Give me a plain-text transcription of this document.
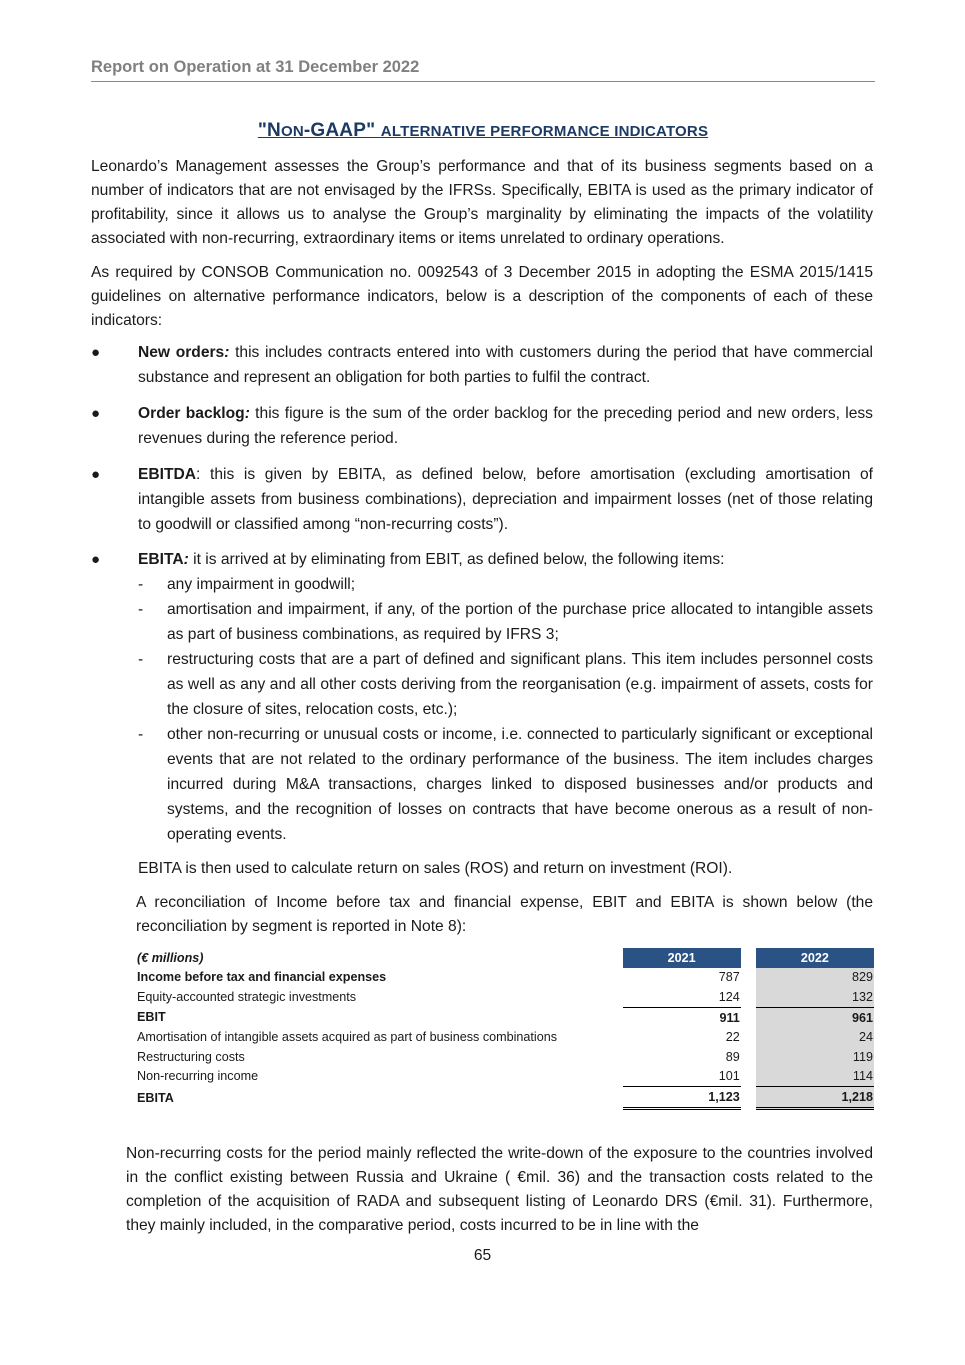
Report on Operation at 31 December 2022
"NON-GAAP" ALTERNATIVE PERFORMANCE INDICATORS

Leonardo’s Management assesses the Group’s performance and that of its business segments based on a number of indicators that are not envisaged by the IFRSs. Specifically, EBITA is used as the primary indicator of profitability, since it allows us to analyse the Group’s marginality by eliminating the impacts of the volatility associated with non-recurring, extraordinary items or items unrelated to ordinary operations.

As required by CONSOB Communication no. 0092543 of 3 December 2015 in adopting the ESMA 2015/1415 guidelines on alternative performance indicators, below is a description of the components of each of these indicators:

●	New orders: this includes contracts entered into with customers during the period that have commercial substance and represent an obligation for both parties to fulfil the contract.
●	Order backlog: this figure is the sum of the order backlog for the preceding period and new orders, less revenues during the reference period.
●	EBITDA: this is given by EBITA, as defined below, before amortisation (excluding amortisation of intangible assets from business combinations), depreciation and impairment losses (net of those relating to goodwill or classified among “non-recurring costs”).
●	EBITA: it is arrived at by eliminating from EBIT, as defined below, the following items:
- any impairment in goodwill;
- amortisation and impairment, if any, of the portion of the purchase price allocated to intangible assets as part of business combinations, as required by IFRS 3;
- restructuring costs that are a part of defined and significant plans. This item includes personnel costs as well as any and all other costs deriving from the reorganisation (e.g. impairment of assets, costs for the closure of sites, relocation costs, etc.);
- other non-recurring or unusual costs or income, i.e. connected to particularly significant or exceptional events that are not related to the ordinary performance of the business. The item includes charges incurred during M&A transactions, charges linked to disposed businesses and/or products and systems, and the recognition of losses on contracts that have become onerous as a result of non-operating events.

EBITA is then used to calculate return on sales (ROS) and return on investment (ROI).

A reconciliation of Income before tax and financial expense, EBIT and EBITA is shown below (the reconciliation by segment is reported in Note 8):

(€ millions)		2021		2022
Income before tax and financial expenses		787		829
Equity-accounted strategic investments		124		132
EBIT		911		961
Amortisation of intangible assets acquired as part of business combinations		22		24
Restructuring costs		89		119
Non-recurring income		101		114
EBITA		1,123		1,218

Non-recurring costs for the period mainly reflected the write-down of the exposure to the countries involved in the conflict existing between Russia and Ukraine ( €mil. 36) and the transaction costs related to the completion of the acquisition of RADA and subsequent listing of Leonardo DRS (€mil. 31). Furthermore, they mainly included, in the comparative period, costs incurred to be in line with the

65
